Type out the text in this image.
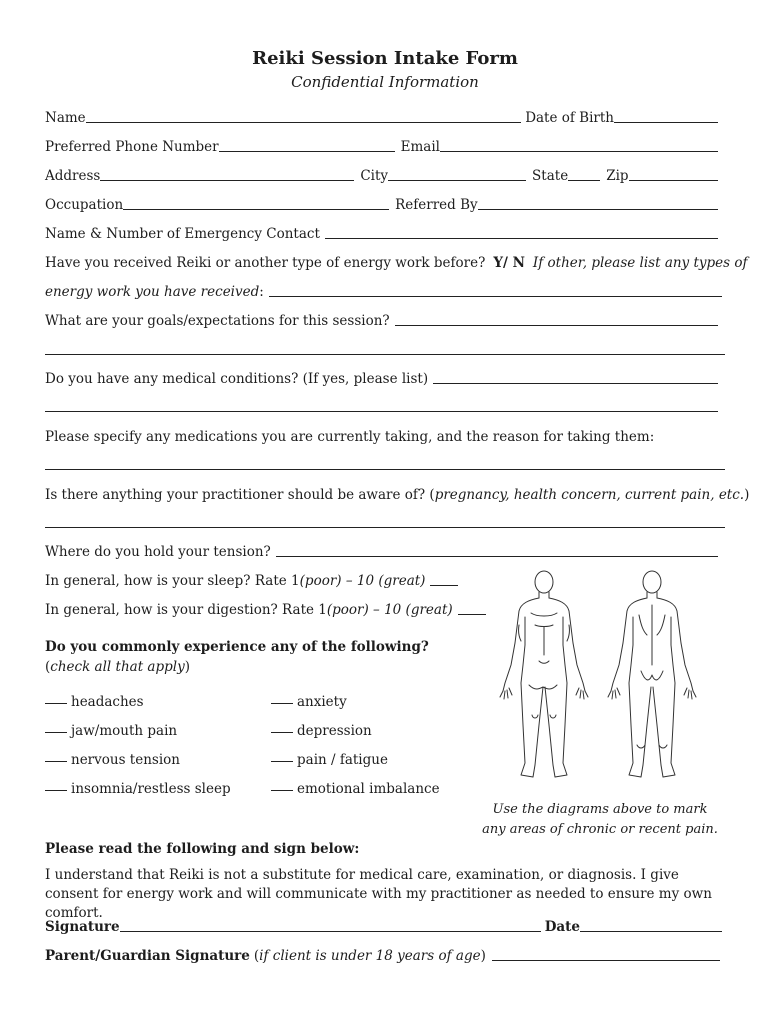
Reiki Session Intake Form
Confidential Information
Name	Date of Birth
Preferred Phone Number	Email
Address	City	State	Zip
Occupation	Referred By
Name & Number of Emergency Contact
Have you received Reiki or another type of energy work before? Y/ N If other, please list any types of
energy work you have received :
What are your goals/expectations for this session?
Do you have any medical conditions? (If yes, please list)
Please specify any medications you are currently taking, and the reason for taking them:
Is there anything your practitioner should be aware of? ( pregnancy, health concern, current pain, etc. )
Where do you hold your tension?
In general, how is your sleep? Rate 1 (poor) – 10 (great)
In general, how is your digestion? Rate 1 (poor) – 10 (great)
Do you commonly experience any of the following?
( check all that apply )
headaches	anxiety
jaw/mouth pain	depression
nervous tension	pain / fatigue
insomnia/restless sleep	emotional imbalance
Use the diagrams above to mark
any areas of chronic or recent pain.
Please read the following and sign below:
I understand that Reiki is not a substitute for medical care, examination, or diagnosis. I give consent for energy work and will communicate with my practitioner as needed to ensure my own comfort.
Signature	Date
Parent/Guardian Signature ( if client is under 18 years of age )
